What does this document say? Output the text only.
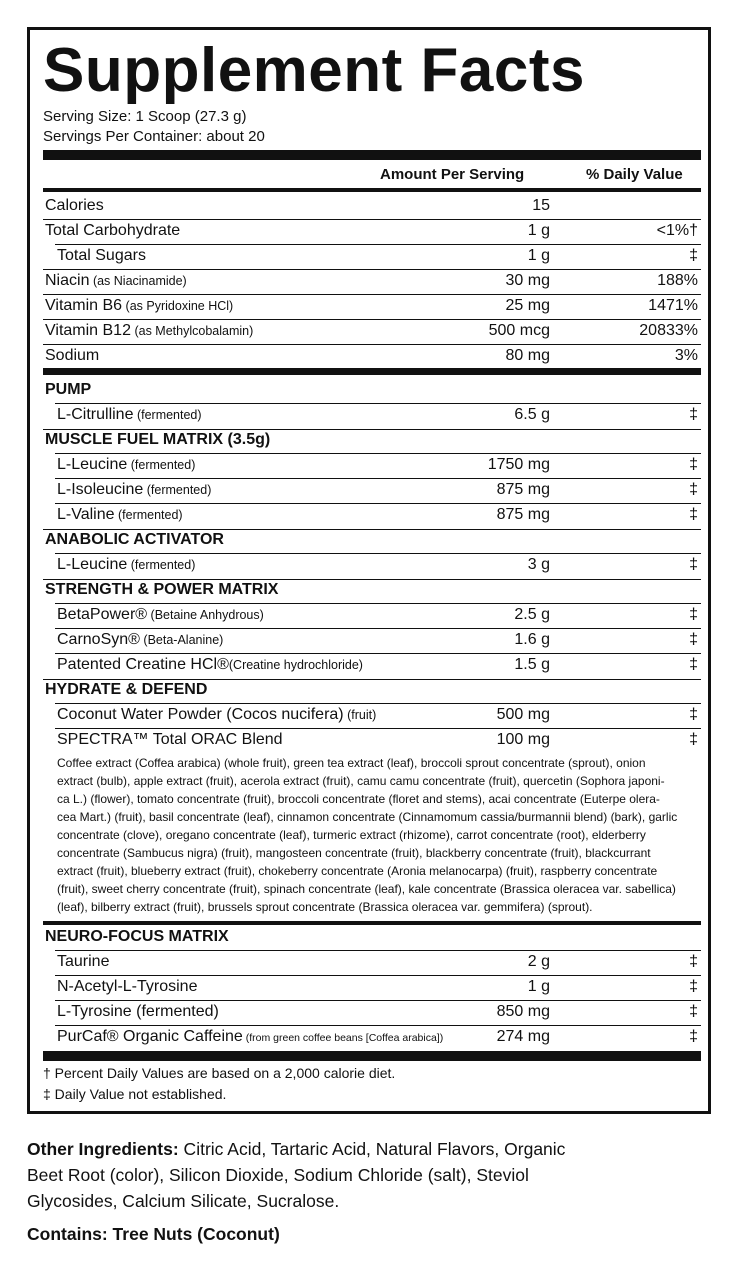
Supplement Facts
Serving Size: 1 Scoop (27.3 g)
Servings Per Container: about 20
Amount Per Serving	% Daily Value
Calories	15
Total Carbohydrate	1 g	<1%†
Total Sugars	1 g	‡
Niacin (as Niacinamide)	30 mg	188%
Vitamin B6 (as Pyridoxine HCl)	25 mg	1471%
Vitamin B12 (as Methylcobalamin)	500 mcg	20833%
Sodium	80 mg	3%
PUMP
L-Citrulline (fermented)	6.5 g	‡
MUSCLE FUEL MATRIX (3.5g)
L-Leucine (fermented)	1750 mg	‡
L-Isoleucine (fermented)	875 mg	‡
L-Valine (fermented)	875 mg	‡
ANABOLIC ACTIVATOR
L-Leucine (fermented)	3 g	‡
STRENGTH & POWER MATRIX
BetaPower® (Betaine Anhydrous)	2.5 g	‡
CarnoSyn® (Beta-Alanine)	1.6 g	‡
Patented Creatine HCl®(Creatine hydrochloride)	1.5 g	‡
HYDRATE & DEFEND
Coconut Water Powder (Cocos nucifera) (fruit)	500 mg	‡
SPECTRA™ Total ORAC Blend	100 mg	‡
Coffee extract (Coffea arabica) (whole fruit), green tea extract (leaf), broccoli sprout concentrate (sprout), onion
extract (bulb), apple extract (fruit), acerola extract (fruit), camu camu concentrate (fruit), quercetin (Sophora japoni-
ca L.) (flower), tomato concentrate (fruit), broccoli concentrate (floret and stems), acai concentrate (Euterpe olera-
cea Mart.) (fruit), basil concentrate (leaf), cinnamon concentrate (Cinnamomum cassia/burmannii blend) (bark), garlic
concentrate (clove), oregano concentrate (leaf), turmeric extract (rhizome), carrot concentrate (root), elderberry
concentrate (Sambucus nigra) (fruit), mangosteen concentrate (fruit), blackberry concentrate (fruit), blackcurrant
extract (fruit), blueberry extract (fruit), chokeberry concentrate (Aronia melanocarpa) (fruit), raspberry concentrate
(fruit), sweet cherry concentrate (fruit), spinach concentrate (leaf), kale concentrate (Brassica oleracea var. sabellica)
(leaf), bilberry extract (fruit), brussels sprout concentrate (Brassica oleracea var. gemmifera) (sprout).
NEURO-FOCUS MATRIX
Taurine	2 g	‡
N-Acetyl-L-Tyrosine	1 g	‡
L-Tyrosine (fermented)	850 mg	‡
PurCaf® Organic Caffeine (from green coffee beans [Coffea arabica])	274 mg	‡
† Percent Daily Values are based on a 2,000 calorie diet.
‡ Daily Value not established.
Other Ingredients: Citric Acid, Tartaric Acid, Natural Flavors, Organic
Beet Root (color), Silicon Dioxide, Sodium Chloride (salt), Steviol
Glycosides, Calcium Silicate, Sucralose.
Contains: Tree Nuts (Coconut)
